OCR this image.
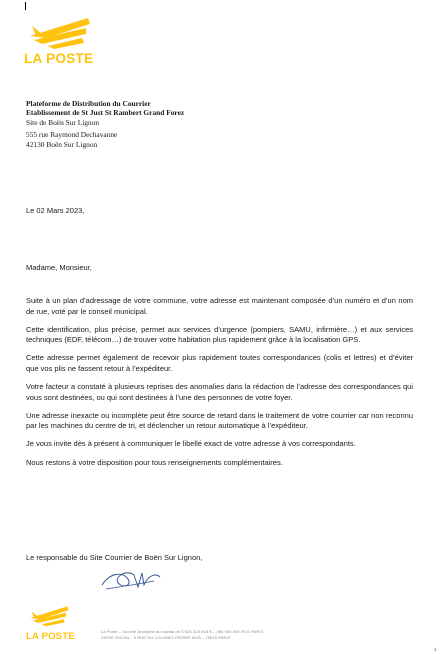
LA POSTE
Plateforme de Distribution du Courrier
Etablissement de St Just St Rambert Grand Forez
Site de Boën Sur Lignon
555 rue Raymond Dechavanne
42130 Boën Sur Lignon
Le 02 Mars 2023,
Madame, Monsieur,

Suite à un plan d’adressage de votre commune, votre adresse est maintenant composée d’un numéro et d’un nom de rue, voté par le conseil municipal.

Cette identification, plus précise, permet aux services d’urgence (pompiers, SAMU, infirmière…) et aux services techniques (EDF, télécom…) de trouver votre habitation plus rapidement grâce à la localisation GPS.

Cette adresse permet également de recevoir plus rapidement toutes correspondances (colis et lettres) et d’éviter que vos plis ne fassent retour à l’expéditeur.

Votre facteur a constaté à plusieurs reprises des anomalies dans la rédaction de l’adresse des correspondances qui vous sont destinées, ou qui sont destinées à l’une des personnes de votre foyer.

Une adresse inexacte ou incomplète peut être source de retard dans le traitement de votre courrier car non reconnu par les machines du centre de tri, et déclencher un retour automatique à l’expéditeur.

Je vous invite dès à présent à communiquer le libellé exact de votre adresse à vos correspondants.

Nous restons à votre disposition pour tous renseignements complémentaires.

Le responsable du Site Courrier de Boën Sur Lignon,
LA POSTE	La Poste – Société Anonyme au capital de 5 620 325 816 € – 356 000 000 RCS PARIS
SIÈGE SOCIAL : 9 RUE DU COLONEL PIERRE AVIA – 75015 PARIS
1
